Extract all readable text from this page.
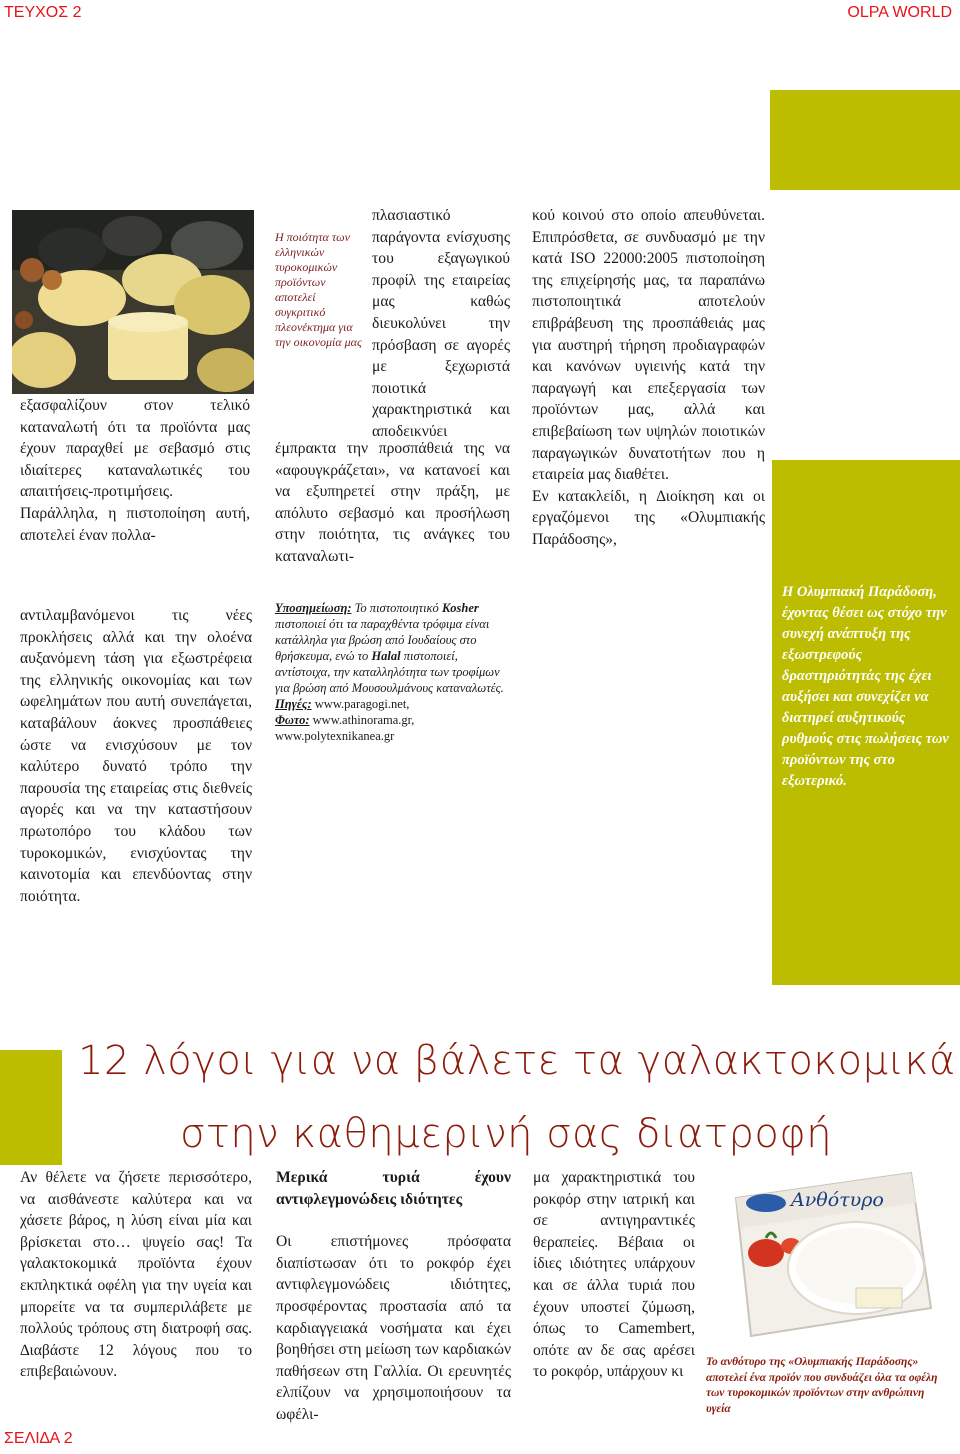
ΤΕΥΧΟΣ 2	OLPA WORLD

εξασφαλίζουν στον τελικό καταναλωτή ότι τα προϊόντα μας έχουν παραχθεί με σεβασμό στις ιδιαίτερες καταναλωτικές του απαιτήσεις-προτιμήσεις.

Παράλληλα, η πιστοποίηση αυτή, αποτελεί έναν πολλα-

αντιλαμβανόμενοι τις νέες προκλήσεις αλλά και την ολοένα αυξανόμενη τάση για εξωστρέφεια της ελληνικής οικονομίας και των ωφελημάτων που αυτή συνεπάγεται, καταβάλουν άοκνες προσπάθειες ώστε να ενισχύσουν με τον καλύτερο δυνατό τρόπο την παρουσία της εταιρείας στις διεθνείς αγορές και να την καταστήσουν πρωτοπόρο του κλάδου των τυροκομικών, ενισχύοντας την καινοτομία και επενδύοντας στην ποιότητα.

Η ποιότητα των ελληνικών τυροκομικών προϊόντων αποτελεί συγκριτικό πλεονέκτημα για την οικονομία μας

πλασιαστικό παράγοντα ενίσχυσης του εξαγωγικού προφίλ της εταιρείας μας καθώς διευκολύνει την πρόσβαση σε αγορές με ξεχωριστά ποιοτικά χαρακτηριστικά και αποδεικνύει

έμπρακτα την προσπάθειά της να «αφουγκράζεται», να κατανοεί και να εξυπηρετεί στην πράξη, με απόλυτο σεβασμό και προσήλωση στην ποιότητα, τις ανάγκες του καταναλωτι-

Υποσημείωση: Το πιστοποιητικό Kosher πιστοποιεί ότι τα παραχθέντα τρόφιμα είναι κατάλληλα για βρώση από Ιουδαίους στο θρήσκευμα, ενώ το Halal πιστοποιεί, αντίστοιχα, την καταλληλότητα των τροφίμων για βρώση από Μουσουλμάνους καταναλωτές.
Πηγές: www.paragogi.net,
Φωτο: www.athinorama.gr,
www.polytexnikanea.gr

κού κοινού στο οποίο απευθύνεται. Επιπρόσθετα, σε συνδυασμό με την κατά ISO 22000:2005 πιστοποίηση της επιχείρησής μας, τα παραπάνω πιστοποιητικά αποτελούν επιβράβευση της προσπάθειάς μας για αυστηρή τήρηση προδιαγραφών και κανόνων υγιεινής κατά την παραγωγή και επεξεργασία των προϊόντων μας, αλλά και επιβεβαίωση των υψηλών ποιοτικών παραγωγικών δυνατοτήτων που η εταιρεία μας διαθέτει.

Εν κατακλείδι, η ∆ιοίκηση και οι εργαζόμενοι της «Ολυμπιακής Παράδοσης»,

Η Ολυμπιακή Παράδοση, έχοντας θέσει ως στόχο την συνεχή ανάπτυξη της εξωστρεφούς δραστηριότητάς της έχει αυξήσει και συνεχίζει να διατηρεί αυξητικούς ρυθμούς στις πωλήσεις των προϊόντων της στο εξωτερικό.
12 λόγοι για να βάλετε τα γαλακτοκομικά
στην καθημερινή σας διατροφή

Αν θέλετε να ζήσετε περισσότερο, να αισθάνεστε καλύτερα και να χάσετε βάρος, η λύση είναι μία και βρίσκεται στο… ψυγείο σας! Τα γαλακτοκομικά προϊόντα έχουν εκπληκτικά οφέλη για την υγεία και μπορείτε να τα συμπεριλάβετε με πολλούς τρόπους στη διατροφή σας. ∆ιαβάστε 12 λόγους που το επιβεβαιώνουν.

Μερικά τυριά έχουν αντιφλεγμονώδεις ιδιότητες

Οι επιστήμονες πρόσφατα διαπίστωσαν ότι το ροκφόρ έχει αντιφλεγμονώδεις ιδιότητες, προσφέροντας προστασία από τα καρδιαγγειακά νοσήματα και έχει βοηθήσει στη μείωση των καρδιακών παθήσεων στη Γαλλία. Οι ερευνητές ελπίζουν να χρησιμοποιήσουν τα ωφέλι-

μα χαρακτηριστικά του ροκφόρ στην ιατρική και σε αντιγηραντικές θεραπείες. Βέβαια οι ίδιες ιδιότητες υπάρχουν και σε άλλα τυριά που έχουν υποστεί ζύμωση, όπως το Camembert, οπότε αν δε σας αρέσει το ροκφόρ, υπάρχουν κι

Ανθότυρο
Το ανθότυρο της «Ολυμπιακής Παράδοσης» αποτελεί ένα προϊόν που συνδυάζει όλα τα οφέλη των τυροκομικών προϊόντων στην ανθρώπινη υγεία
ΣΕΛΙ∆Α 2
